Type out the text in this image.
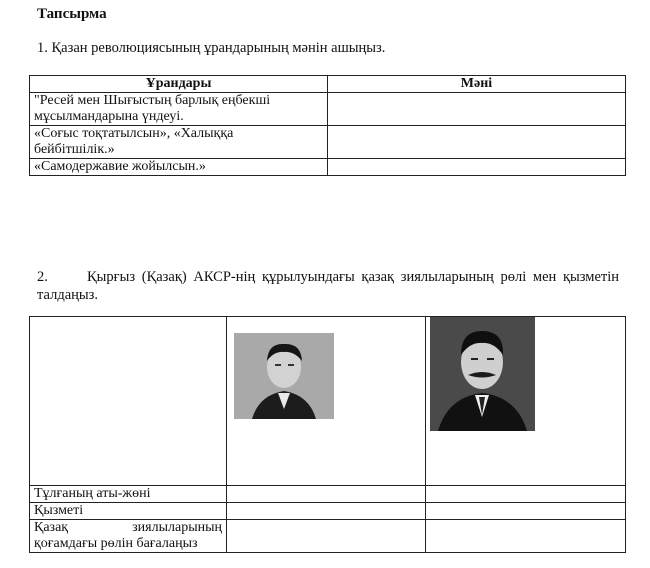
Тапсырма
1. Қазан революциясының ұрандарының мәнін ашыңыз.
Ұрандары	Мәні

"Ресей мен Шығыстың барлық еңбекші
мұсылмандарына үндеуі.	

«Соғыс тоқтатылсын», «Халыққа
бейбітшілік.»	

«Самодержавие жойылсын.»	

2.	Қырғыз (Қазақ) АКСР-нің құрылуындағы қазақ зиялыларының рөлі мен қызметін талдаңыз.

Тұлғаның аты-жөні		
Қызметі		

Қазақ зиялыларының
қоғамдағы рөлін бағалаңыз		
